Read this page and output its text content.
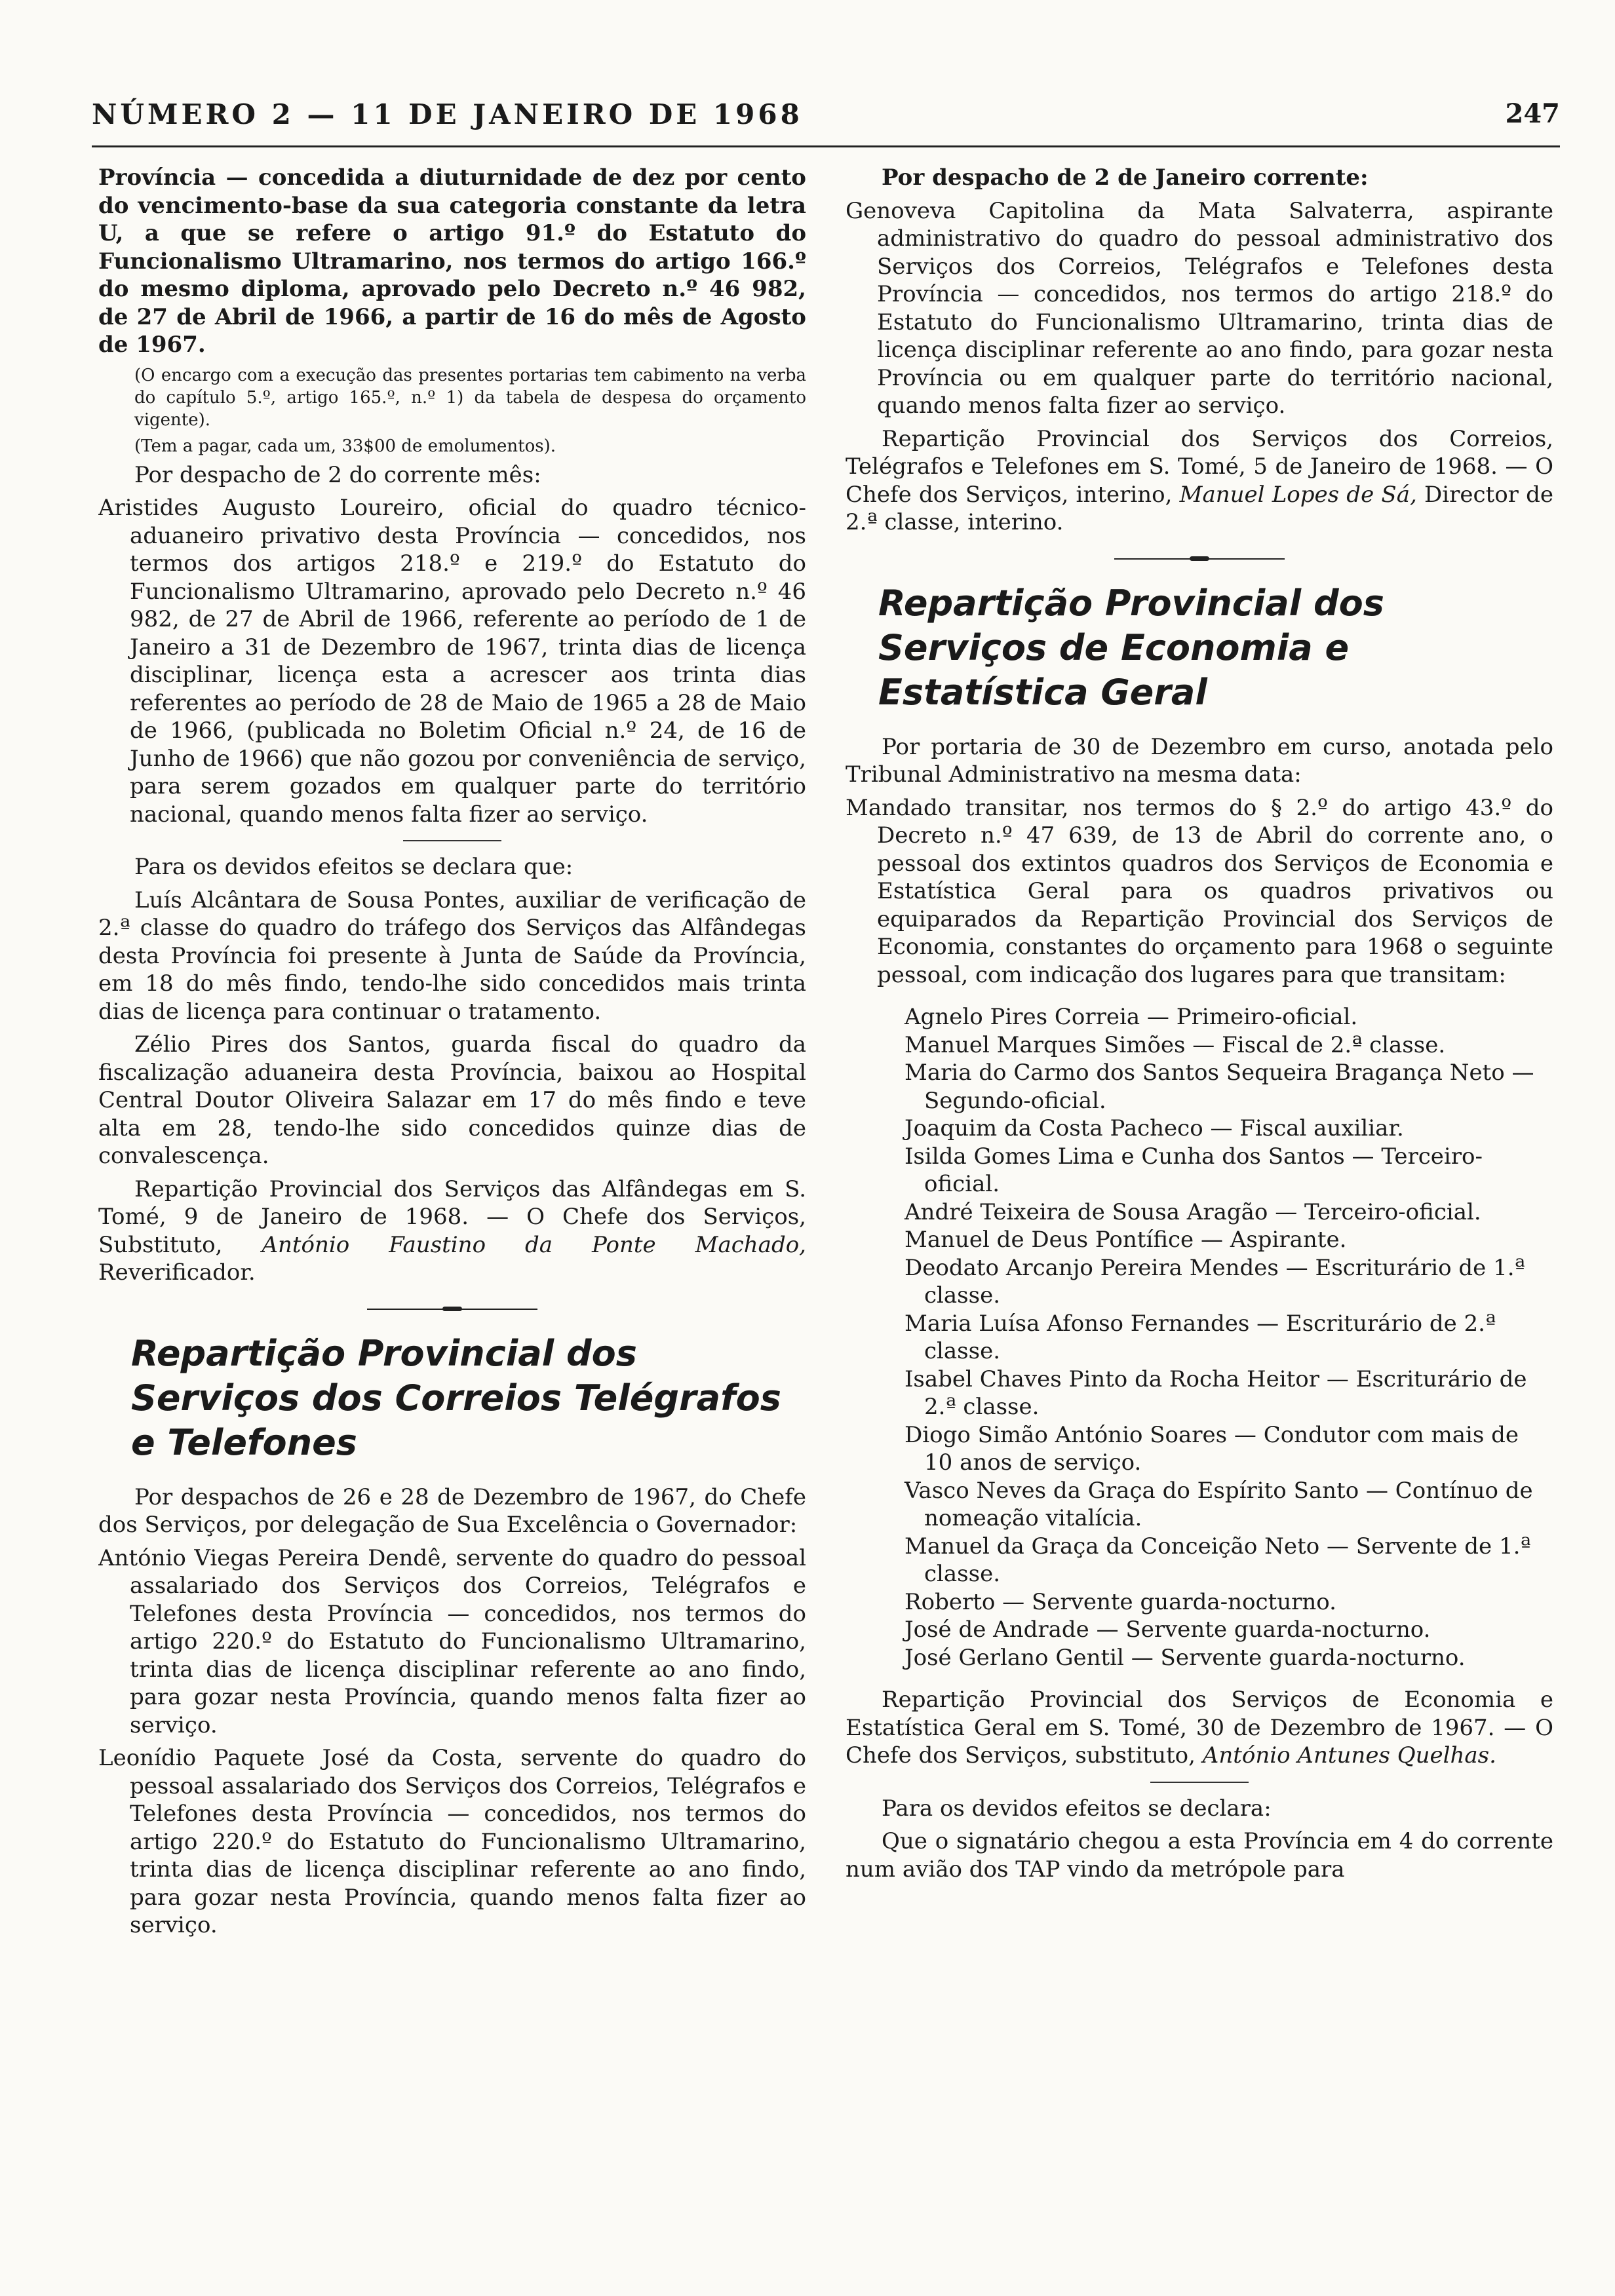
NÚMERO 2 — 11 DE JANEIRO DE 1968	247

Província — concedida a diuturnidade de dez por cento do vencimento-base da sua categoria constante da letra U, a que se refere o artigo 91.º do Estatuto do Funcionalismo Ultramarino, nos termos do artigo 166.º do mesmo diploma, aprovado pelo Decreto n.º 46 982, de 27 de Abril de 1966, a partir de 16 do mês de Agosto de 1967.

(O encargo com a execução das presentes portarias tem cabimento na verba do capítulo 5.º, artigo 165.º, n.º 1) da tabela de despesa do orçamento vigente).

(Tem a pagar, cada um, 33$00 de emolumentos).

Por despacho de 2 do corrente mês:

Aristides Augusto Loureiro, oficial do quadro técnico-aduaneiro privativo desta Província — concedidos, nos termos dos artigos 218.º e 219.º do Estatuto do Funcionalismo Ultramarino, aprovado pelo Decreto n.º 46 982, de 27 de Abril de 1966, referente ao período de 1 de Janeiro a 31 de Dezembro de 1967, trinta dias de licença disciplinar, licença esta a acrescer aos trinta dias referentes ao período de 28 de Maio de 1965 a 28 de Maio de 1966, (publicada no Boletim Oficial n.º 24, de 16 de Junho de 1966) que não gozou por conveniência de serviço, para serem gozados em qualquer parte do território nacional, quando menos falta fizer ao serviço.

Para os devidos efeitos se declara que:

Luís Alcântara de Sousa Pontes, auxiliar de verificação de 2.ª classe do quadro do tráfego dos Serviços das Alfândegas desta Província foi presente à Junta de Saúde da Província, em 18 do mês findo, tendo-lhe sido concedidos mais trinta dias de licença para continuar o tratamento.

Zélio Pires dos Santos, guarda fiscal do quadro da fiscalização aduaneira desta Província, baixou ao Hospital Central Doutor Oliveira Salazar em 17 do mês findo e teve alta em 28, tendo-lhe sido concedidos quinze dias de convalescença.

Repartição Provincial dos Serviços das Alfândegas em S. Tomé, 9 de Janeiro de 1968. — O Chefe dos Serviços, Substituto, António Faustino da Ponte Machado, Reverificador.

Repartição Provincial dos Serviços dos Correios Telégrafos e Telefones

Por despachos de 26 e 28 de Dezembro de 1967, do Chefe dos Serviços, por delegação de Sua Excelência o Governador:

António Viegas Pereira Dendê, servente do quadro do pessoal assalariado dos Serviços dos Correios, Telégrafos e Telefones desta Província — concedidos, nos termos do artigo 220.º do Estatuto do Funcionalismo Ultramarino, trinta dias de licença disciplinar referente ao ano findo, para gozar nesta Província, quando menos falta fizer ao serviço.

Leonídio Paquete José da Costa, servente do quadro do pessoal assalariado dos Serviços dos Correios, Telégrafos e Telefones desta Província — concedidos, nos termos do artigo 220.º do Estatuto do Funcionalismo Ultramarino, trinta dias de licença disciplinar referente ao ano findo, para gozar nesta Província, quando menos falta fizer ao serviço.

Por despacho de 2 de Janeiro corrente:

Genoveva Capitolina da Mata Salvaterra, aspirante administrativo do quadro do pessoal administrativo dos Serviços dos Correios, Telégrafos e Telefones desta Província — concedidos, nos termos do artigo 218.º do Estatuto do Funcionalismo Ultramarino, trinta dias de licença disciplinar referente ao ano findo, para gozar nesta Província ou em qualquer parte do território nacional, quando menos falta fizer ao serviço.

Repartição Provincial dos Serviços dos Correios, Telégrafos e Telefones em S. Tomé, 5 de Janeiro de 1968. — O Chefe dos Serviços, interino, Manuel Lopes de Sá, Director de 2.ª classe, interino.

Repartição Provincial dos Serviços de Economia e Estatística Geral

Por portaria de 30 de Dezembro em curso, anotada pelo Tribunal Administrativo na mesma data:

Mandado transitar, nos termos do § 2.º do artigo 43.º do Decreto n.º 47 639, de 13 de Abril do corrente ano, o pessoal dos extintos quadros dos Serviços de Economia e Estatística Geral para os quadros privativos ou equiparados da Repartição Provincial dos Serviços de Economia, constantes do orçamento para 1968 o seguinte pessoal, com indicação dos lugares para que transitam:

Agnelo Pires Correia — Primeiro-oficial.
Manuel Marques Simões — Fiscal de 2.ª classe.
Maria do Carmo dos Santos Sequeira Bragança Neto — Segundo-oficial.
Joaquim da Costa Pacheco — Fiscal auxiliar.
Isilda Gomes Lima e Cunha dos Santos — Terceiro-oficial.
André Teixeira de Sousa Aragão — Terceiro-oficial.
Manuel de Deus Pontífice — Aspirante.
Deodato Arcanjo Pereira Mendes — Escriturário de 1.ª classe.
Maria Luísa Afonso Fernandes — Escriturário de 2.ª classe.
Isabel Chaves Pinto da Rocha Heitor — Escriturário de 2.ª classe.
Diogo Simão António Soares — Condutor com mais de 10 anos de serviço.
Vasco Neves da Graça do Espírito Santo — Contínuo de nomeação vitalícia.
Manuel da Graça da Conceição Neto — Servente de 1.ª classe.
Roberto — Servente guarda-nocturno.
José de Andrade — Servente guarda-nocturno.
José Gerlano Gentil — Servente guarda-nocturno.

Repartição Provincial dos Serviços de Economia e Estatística Geral em S. Tomé, 30 de Dezembro de 1967. — O Chefe dos Serviços, substituto, António Antunes Quelhas.

Para os devidos efeitos se declara:

Que o signatário chegou a esta Província em 4 do corrente num avião dos TAP vindo da metrópole para
